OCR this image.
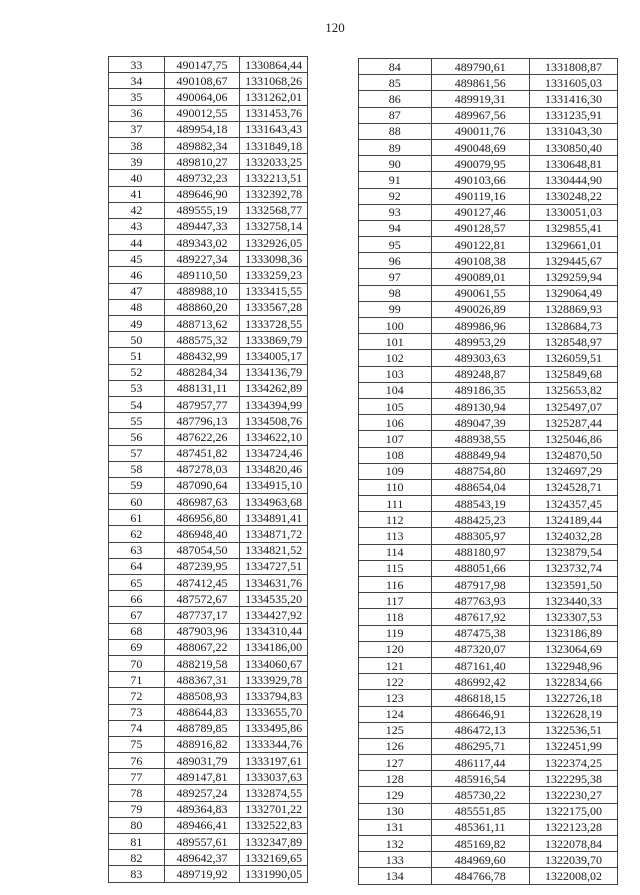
120
33	490147,75	1330864,44
34	490108,67	1331068,26
35	490064,06	1331262,01
36	490012,55	1331453,76
37	489954,18	1331643,43
38	489882,34	1331849,18
39	489810,27	1332033,25
40	489732,23	1332213,51
41	489646,90	1332392,78
42	489555,19	1332568,77
43	489447,33	1332758,14
44	489343,02	1332926,05
45	489227,34	1333098,36
46	489110,50	1333259,23
47	488988,10	1333415,55
48	488860,20	1333567,28
49	488713,62	1333728,55
50	488575,32	1333869,79
51	488432,99	1334005,17
52	488284,34	1334136,79
53	488131,11	1334262,89
54	487957,77	1334394,99
55	487796,13	1334508,76
56	487622,26	1334622,10
57	487451,82	1334724,46
58	487278,03	1334820,46
59	487090,64	1334915,10
60	486987,63	1334963,68
61	486956,80	1334891,41
62	486948,40	1334871,72
63	487054,50	1334821,52
64	487239,95	1334727,51
65	487412,45	1334631,76
66	487572,67	1334535,20
67	487737,17	1334427,92
68	487903,96	1334310,44
69	488067,22	1334186,00
70	488219,58	1334060,67
71	488367,31	1333929,78
72	488508,93	1333794,83
73	488644,83	1333655,70
74	488789,85	1333495,86
75	488916,82	1333344,76
76	489031,79	1333197,61
77	489147,81	1333037,63
78	489257,24	1332874,55
79	489364,83	1332701,22
80	489466,41	1332522,83
81	489557,61	1332347,89
82	489642,37	1332169,65
83	489719,92	1331990,05
84	489790,61	1331808,87
85	489861,56	1331605,03
86	489919,31	1331416,30
87	489967,56	1331235,91
88	490011,76	1331043,30
89	490048,69	1330850,40
90	490079,95	1330648,81
91	490103,66	1330444,90
92	490119,16	1330248,22
93	490127,46	1330051,03
94	490128,57	1329855,41
95	490122,81	1329661,01
96	490108,38	1329445,67
97	490089,01	1329259,94
98	490061,55	1329064,49
99	490026,89	1328869,93
100	489986,96	1328684,73
101	489953,29	1328548,97
102	489303,63	1326059,51
103	489248,87	1325849,68
104	489186,35	1325653,82
105	489130,94	1325497,07
106	489047,39	1325287,44
107	488938,55	1325046,86
108	488849,94	1324870,50
109	488754,80	1324697,29
110	488654,04	1324528,71
111	488543,19	1324357,45
112	488425,23	1324189,44
113	488305,97	1324032,28
114	488180,97	1323879,54
115	488051,66	1323732,74
116	487917,98	1323591,50
117	487763,93	1323440,33
118	487617,92	1323307,53
119	487475,38	1323186,89
120	487320,07	1323064,69
121	487161,40	1322948,96
122	486992,42	1322834,66
123	486818,15	1322726,18
124	486646,91	1322628,19
125	486472,13	1322536,51
126	486295,71	1322451,99
127	486117,44	1322374,25
128	485916,54	1322295,38
129	485730,22	1322230,27
130	485551,85	1322175,00
131	485361,11	1322123,28
132	485169,82	1322078,84
133	484969,60	1322039,70
134	484766,78	1322008,02
